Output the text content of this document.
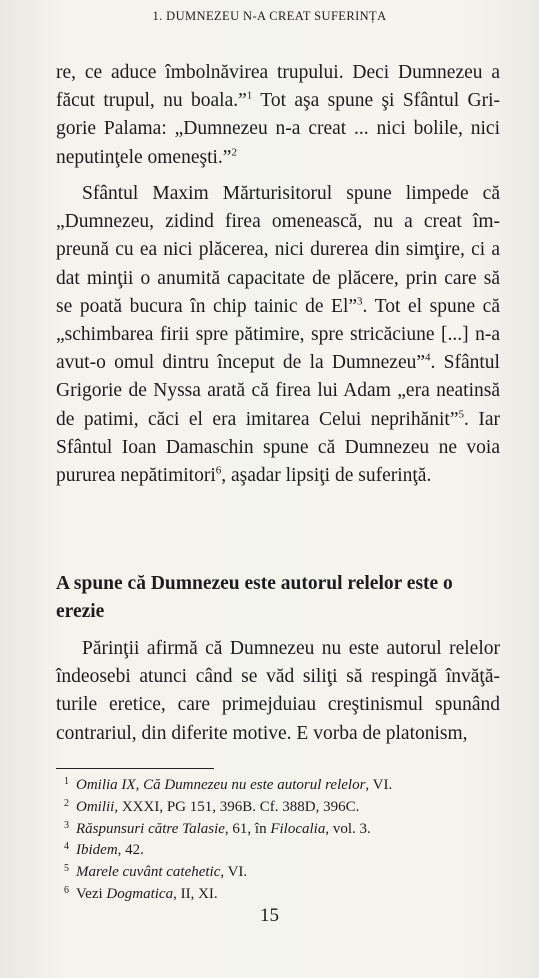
1. DUMNEZEU N-A CREAT SUFERINȚA

re, ce aduce îmbolnăvirea trupului. Deci Dumnezeu a făcut trupul, nu boala.”$^1$ Tot aşa spune şi Sfântul Grigorie Palama: „Dumnezeu n-a creat ... nici bolile, nici neputinţele omeneşti.”$^2$

Sfântul Maxim Mărturisitorul spune limpede că „Dumnezeu, zidind firea omenească, nu a creat împreună cu ea nici plăcerea, nici durerea din simţire, ci a dat minţii o anumită capacitate de plăcere, prin care să se poată bucura în chip tainic de El”$^3$. Tot el spune că „schimbarea firii spre pătimire, spre stricăciune [...] n-a avut-o omul dintru început de la Dumnezeu”$^4$. Sfântul Grigorie de Nyssa arată că firea lui Adam „era neatinsă de patimi, căci el era imitarea Celui neprihănit”$^5$. Iar Sfântul Ioan Damaschin spune că Dumnezeu ne voia pururea nepătimitori$^6$, aşadar lipsiţi de suferinţă.

A spune că Dumnezeu este autorul relelor este o erezie

Părinţii afirmă că Dumnezeu nu este autorul relelor îndeosebi atunci când se văd siliţi să respingă învăţăturile eretice, care primejduiau creştinismul spunând contrariul, din diferite motive. E vorba de platonism,

1 Omilia IX, Că Dumnezeu nu este autorul relelor, VI.
2 Omilii, XXXI, PG 151, 396B. Cf. 388D, 396C.
3 Răspunsuri către Talasie, 61, în Filocalia, vol. 3.
4 Ibidem, 42.
5 Marele cuvânt catehetic, VI.
6 Vezi Dogmatica, II, XI.
15
